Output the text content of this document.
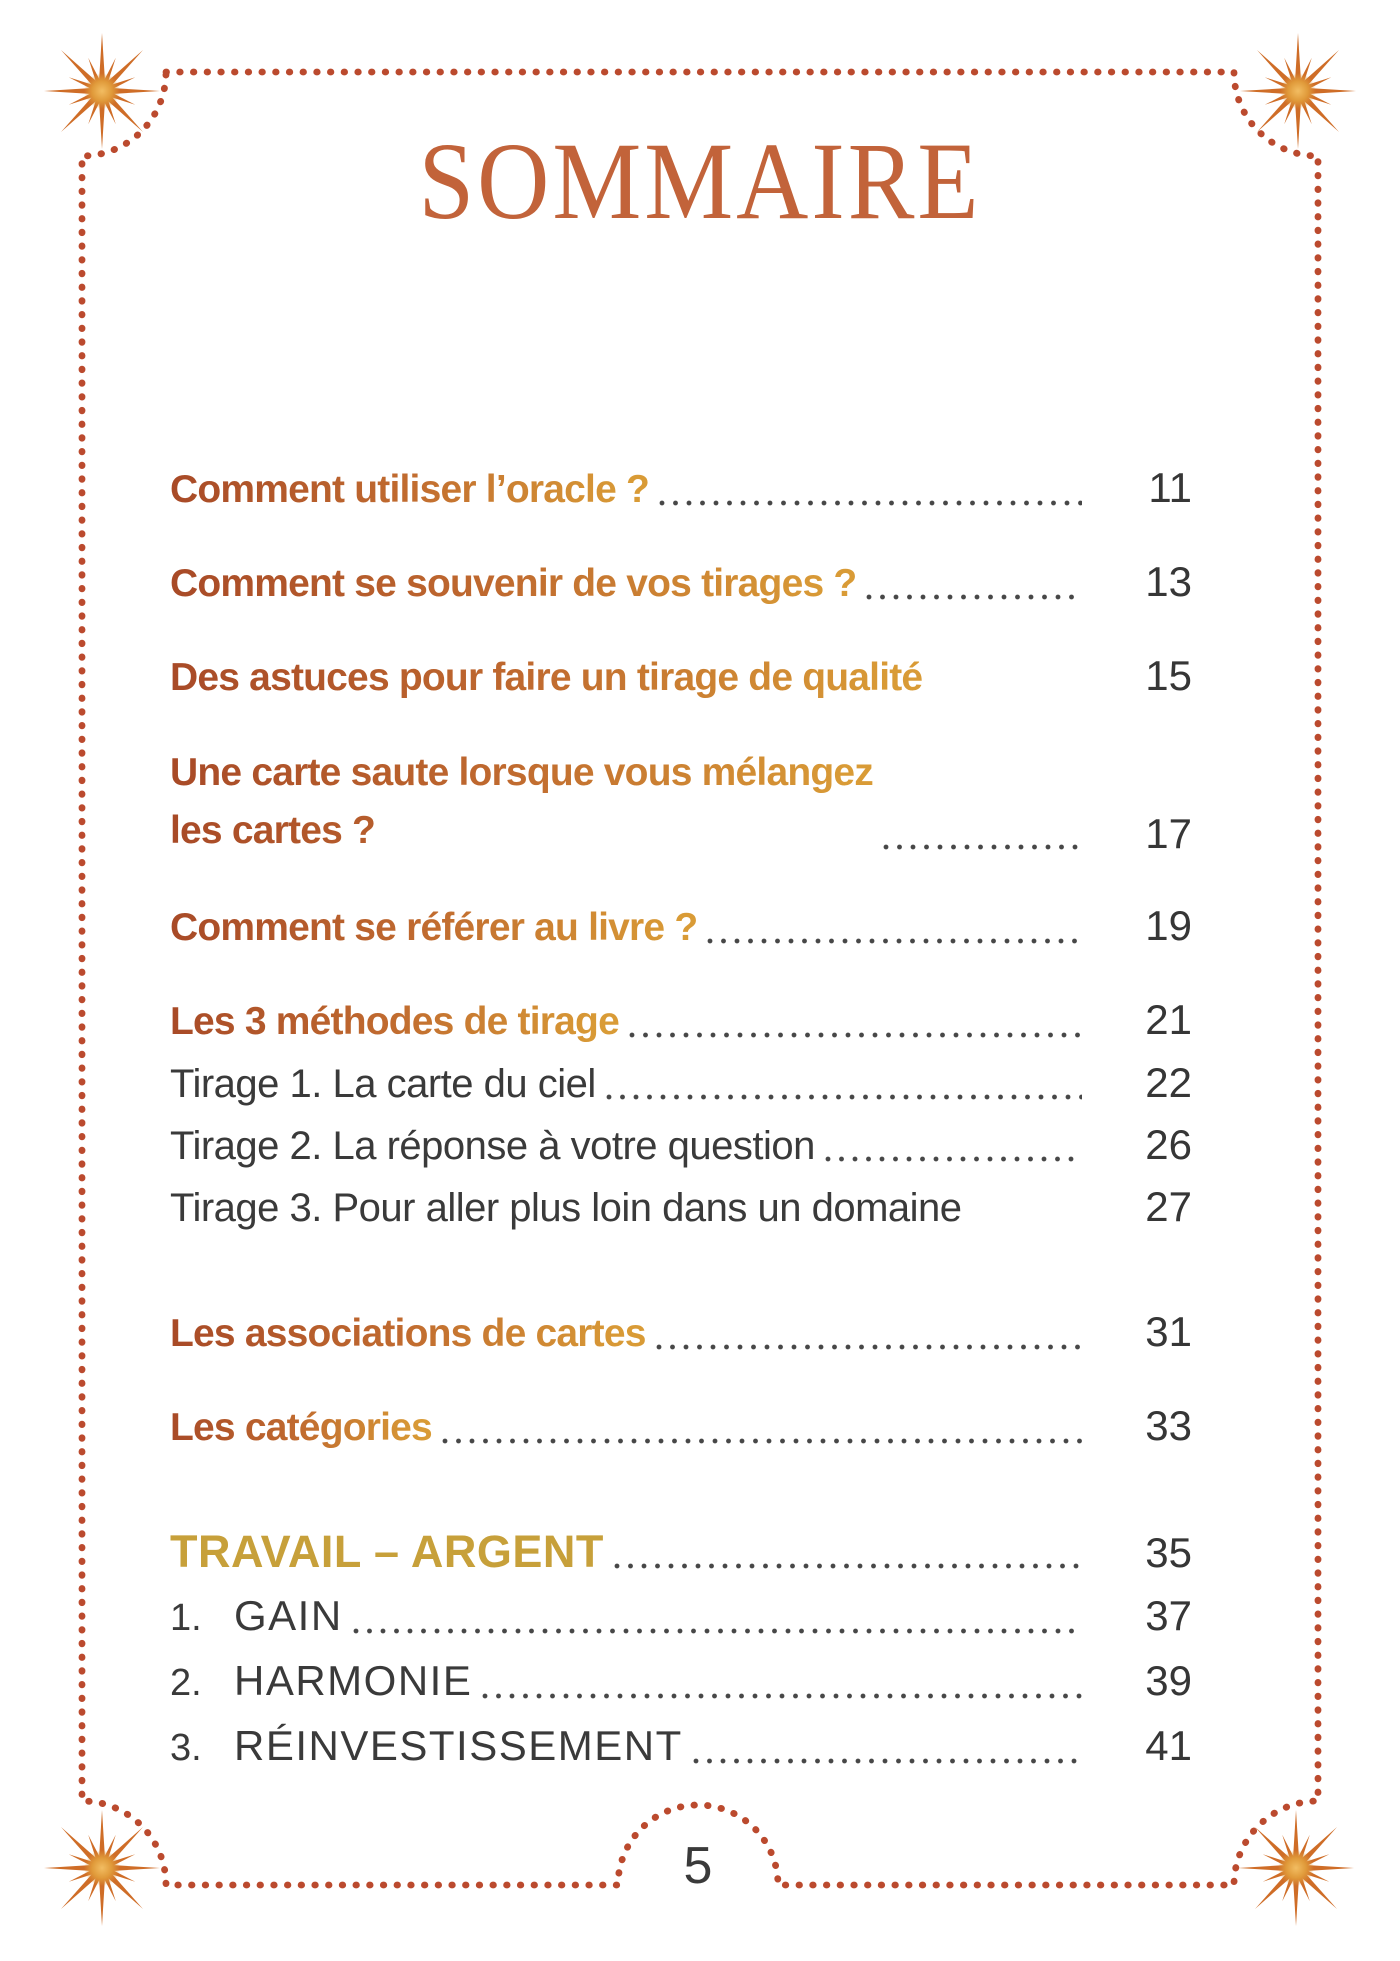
SOMMAIRE
Comment utiliser l’oracle ?	11
Comment se souvenir de vos tirages ?	13
Des astuces pour faire un tirage de qualité	15
Une carte saute lorsque vous mélangez
les cartes ?	17
Comment se référer au livre ?	19
Les 3 méthodes de tirage	21
Tirage 1. La carte du ciel	22
Tirage 2. La réponse à votre question	26
Tirage 3. Pour aller plus loin dans un domaine	27
Les associations de cartes	31
Les catégories	33
TRAVAIL – ARGENT	35
1. GAIN	37
2. HARMONIE	39
3. RÉINVESTISSEMENT	41
5
